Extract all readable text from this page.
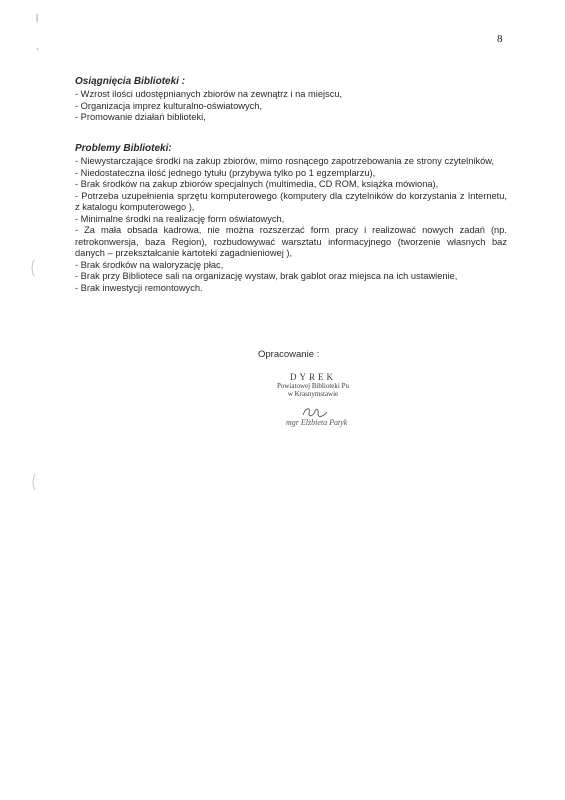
8
Osiągnięcia Biblioteki :
- Wzrost ilości udostępnianych zbiorów na zewnątrz i na miejscu,
- Organizacja imprez kulturalno-oświatowych,
- Promowanie działań biblioteki,
Problemy Biblioteki:
- Niewystarczające środki na zakup zbiorów, mimo rosnącego zapotrzebowania ze strony czytelników,
- Niedostateczna ilość jednego tytułu (przybywa tylko po 1 egzemplarzu),
- Brak środków na zakup zbiorów specjalnych (multimedia, CD ROM, książka mówiona),
- Potrzeba uzupełnienia sprzętu komputerowego (komputery dla czytelników do korzystania z Internetu, z katalogu komputerowego ),
- Minimalne środki na realizację form oświatowych,
- Za mała obsada kadrowa, nie można rozszerzać form pracy i realizować nowych zadań (np. retrokonwersja, baza Region), rozbudowywać warsztatu informacyjnego (tworzenie własnych baz danych – przekształcanie kartoteki zagadnieniowej ),
- Brak środków na waloryzację płac,
- Brak przy Bibliotece sali na organizację wystaw, brak gablot oraz miejsca na ich ustawienie,
- Brak inwestycji remontowych.
Opracowanie :
DYREK
Powiatowej Biblioteki Pu
w Krasnymstawie
mgr Elżbieta Patyk
